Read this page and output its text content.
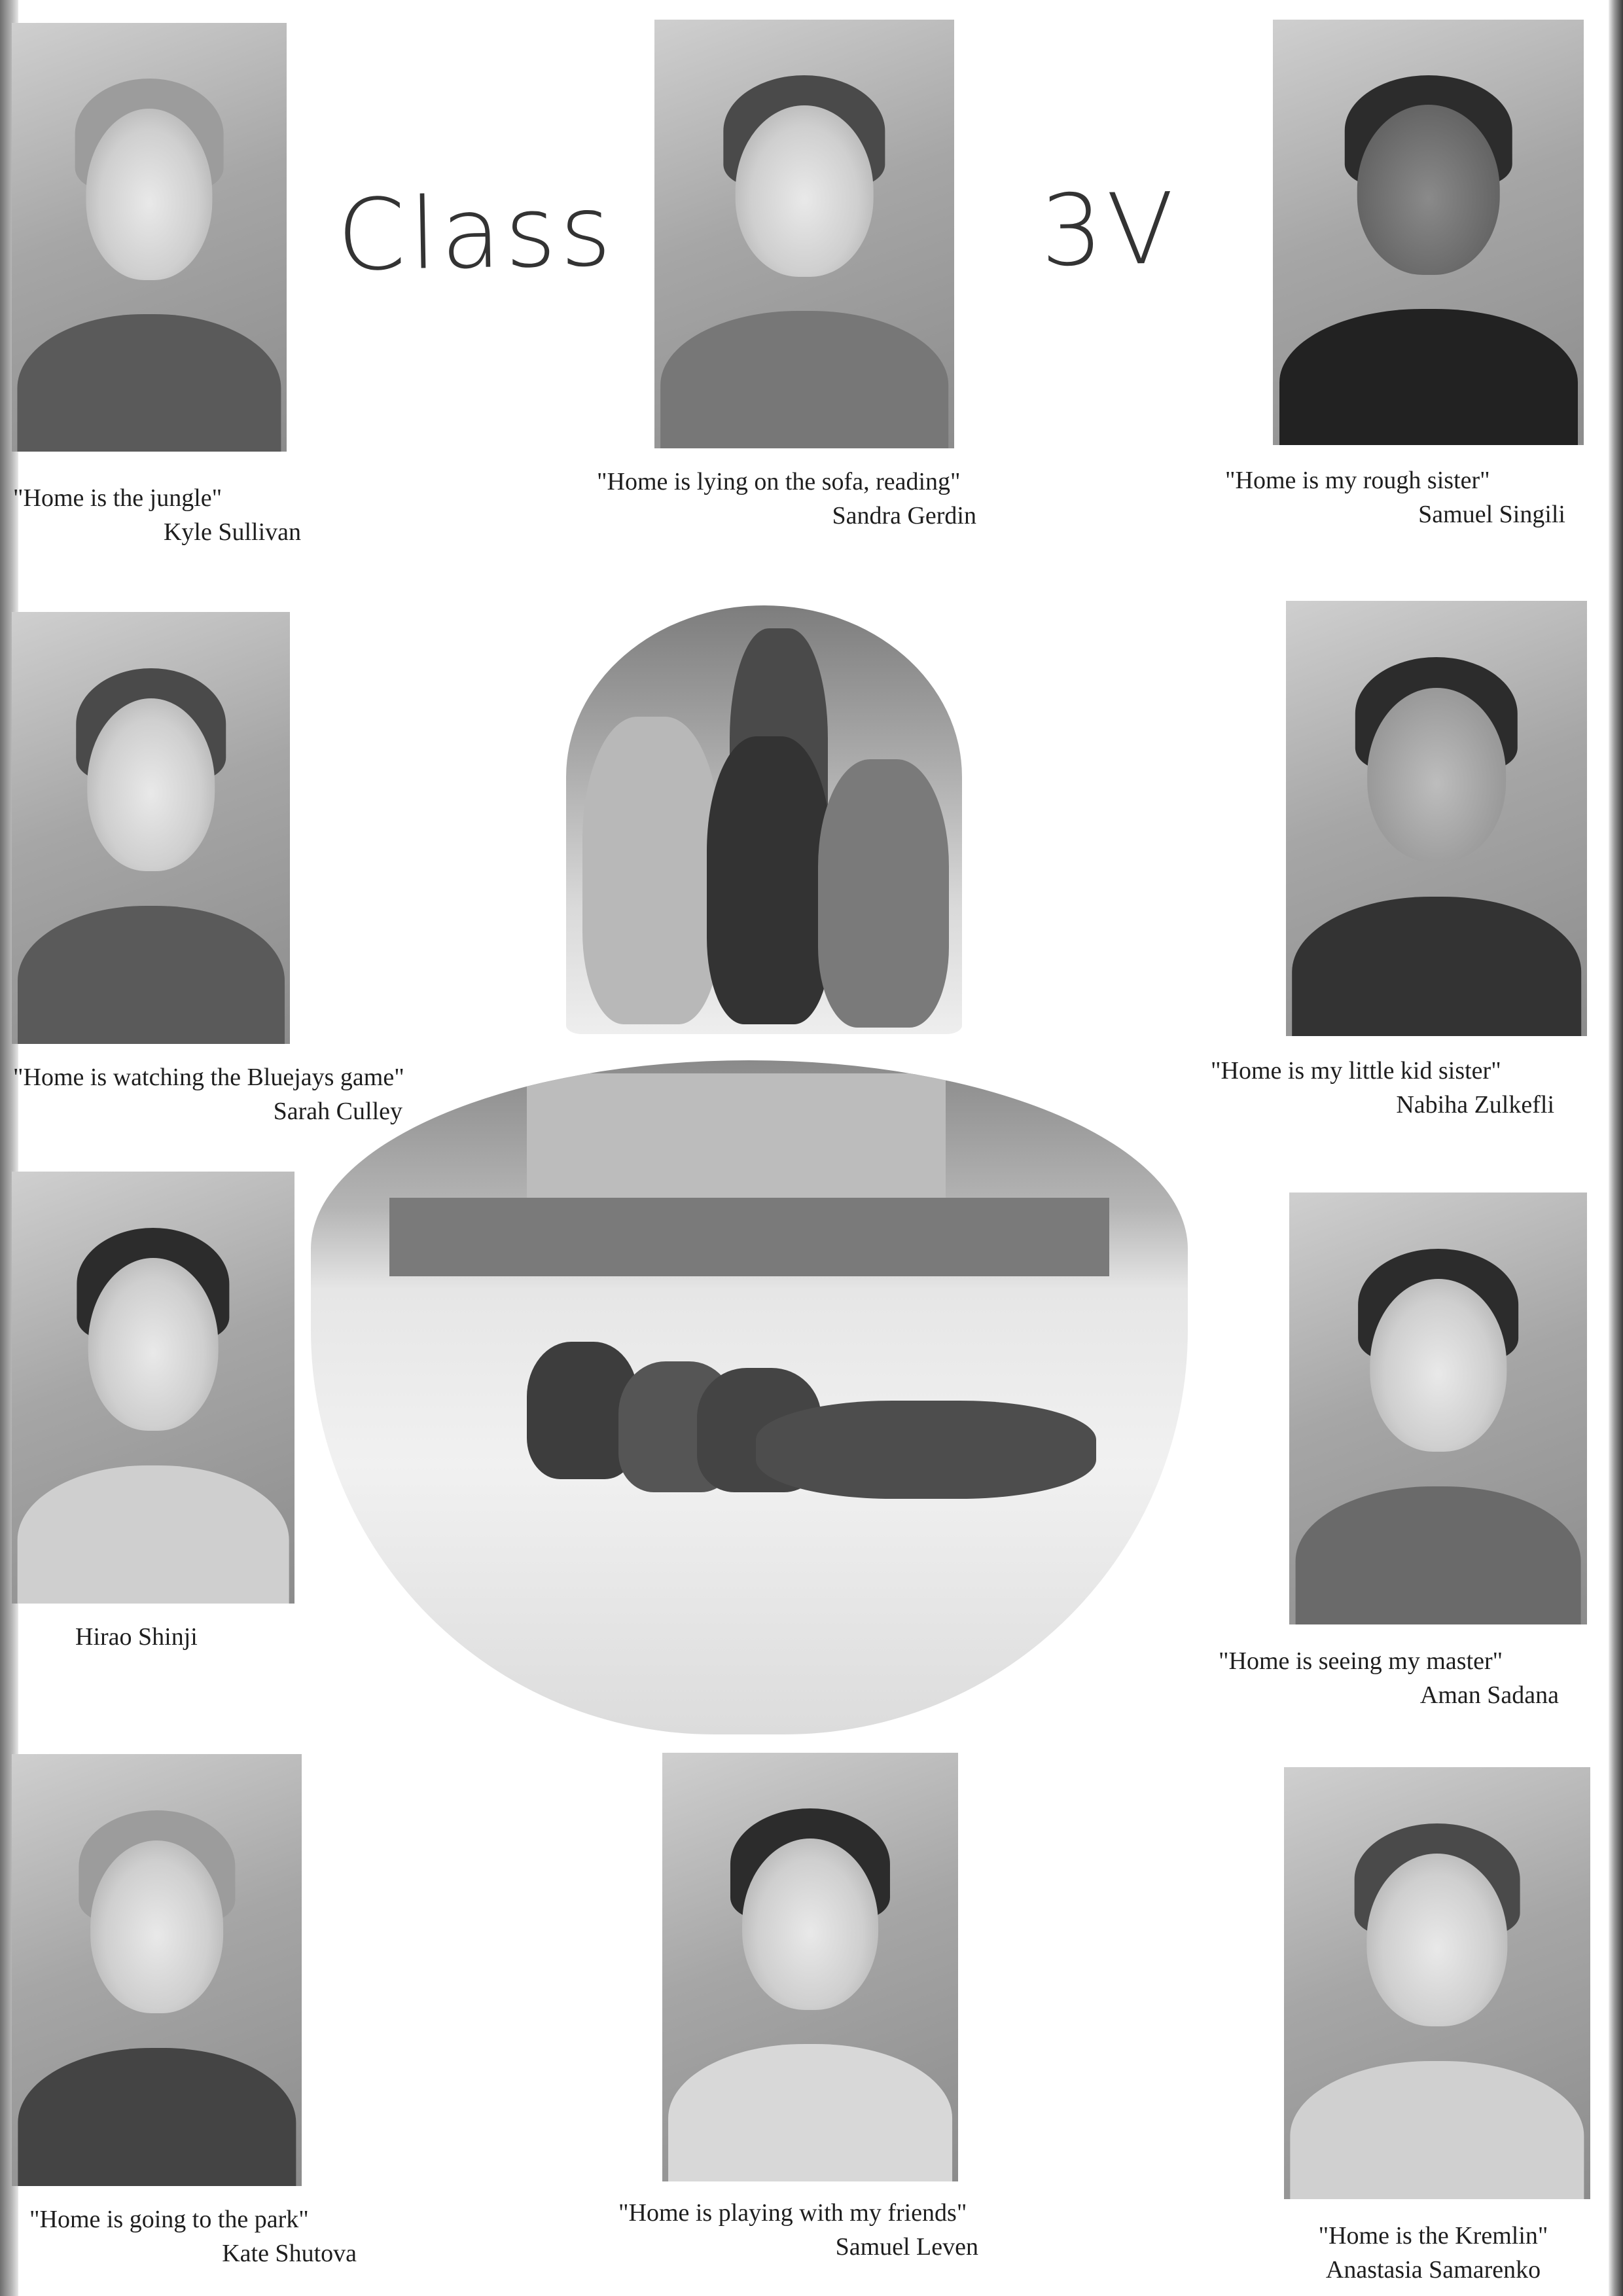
Class	3V
"Home is the jungle"
Kyle Sullivan
"Home is lying on the sofa, reading"
Sandra Gerdin
"Home is my rough sister"
Samuel Singili
"Home is watching the Bluejays game"
Sarah Culley
"Home is my little kid sister"
Nabiha Zulkefli
Hirao Shinji
"Home is seeing my master"
Aman Sadana
"Home is going to the park"
Kate Shutova
"Home is playing with my friends"
Samuel Leven	"Home is the Kremlin"
Anastasia Samarenko
